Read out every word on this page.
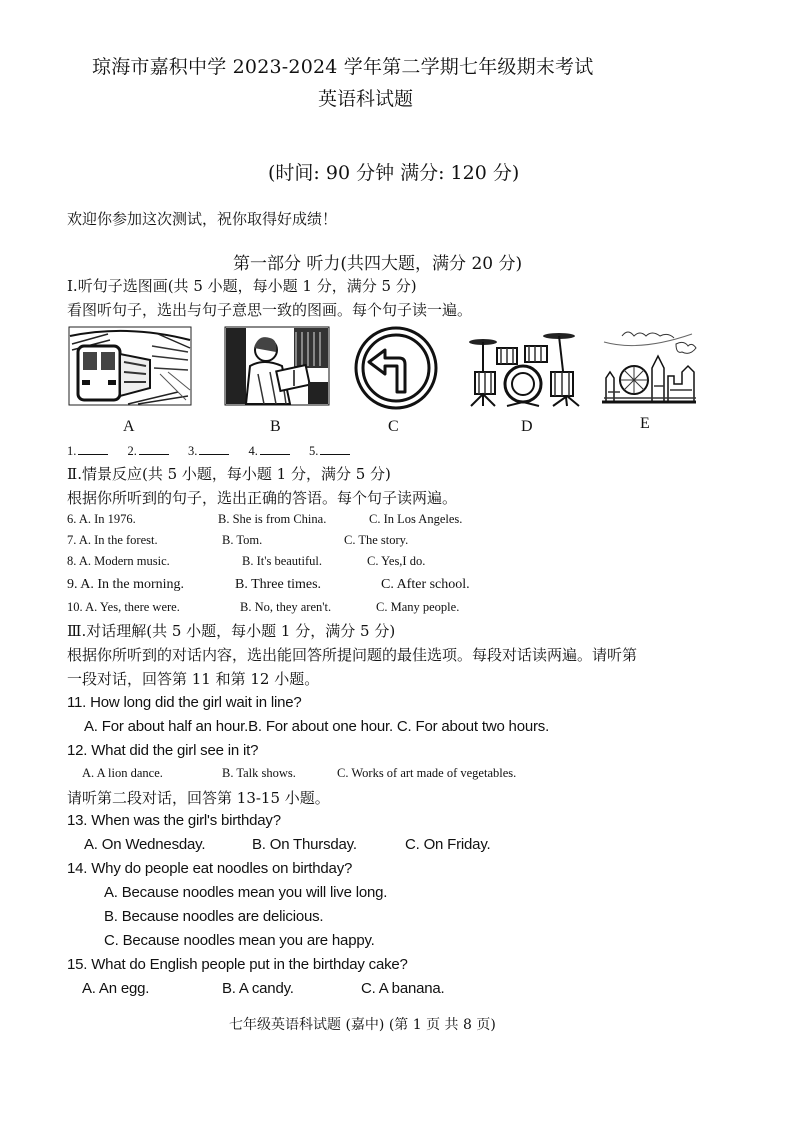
琼海市嘉积中学 2023-2024 学年第二学期七年级期末考试
英语科试题
(时间: 90 分钟 满分: 120 分)
欢迎你参加这次测试，祝你取得好成绩！
第一部分 听力(共四大题，满分 20 分)
Ⅰ.听句子选图画(共 5 小题，每小题 1 分，满分 5 分)
看图听句子，选出与句子意思一致的图画。每个句子读一遍。
A	B	C	D	E
1.	2.	3.	4.	5.
Ⅱ.情景反应(共 5 小题，每小题 1 分，满分 5 分)
根据你所听到的句子，选出正确的答语。每个句子读两遍。
6. A. In 1976.	B. She is from China.	C. In Los Angeles.
7. A. In the forest.	B. Tom.	C. The story.
8. A. Modern music.	B. It's beautiful.	C. Yes,I do.
9. A. In the morning.	B. Three times.	C. After school.
10. A. Yes, there were.	B. No, they aren't.	C. Many people.
Ⅲ.对话理解(共 5 小题，每小题 1 分，满分 5 分)
根据你所听到的对话内容，选出能回答所提问题的最佳选项。每段对话读两遍。请听第
一段对话，回答第 11 和第 12 小题。
11. How long did the girl wait in line?
A. For about half an hour.B. For about one hour. C. For about two hours.
12. What did the girl see in it?
A. A lion dance.	B. Talk shows.	C. Works of art made of vegetables.
请听第二段对话，回答第 13-15 小题。
13. When was the girl's birthday?
A. On Wednesday.	B. On Thursday.	C. On Friday.
14. Why do people eat noodles on birthday?
A. Because noodles mean you will live long.
B. Because noodles are delicious.
C. Because noodles mean you are happy.
15. What do English people put in the birthday cake?
A. An egg.	B. A candy.	C. A banana.
七年级英语科试题 (嘉中) (第 1 页 共 8 页)
